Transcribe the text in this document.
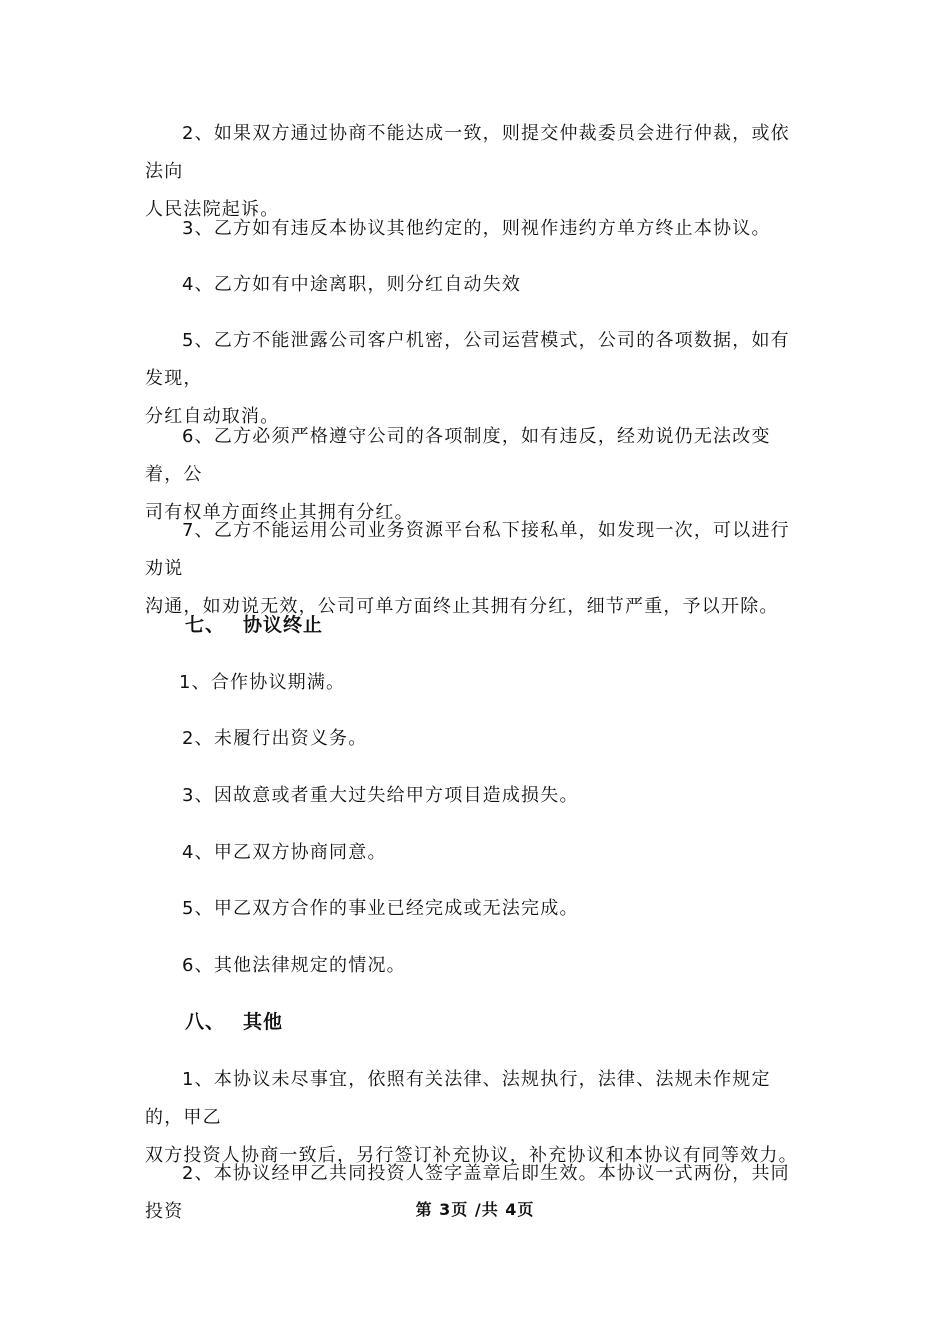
2、如果双方通过协商不能达成一致，则提交仲裁委员会进行仲裁，或依法向
人民法院起诉。
3、乙方如有违反本协议其他约定的，则视作违约方单方终止本协议。
4、乙方如有中途离职，则分红自动失效
5、乙方不能泄露公司客户机密，公司运营模式，公司的各项数据，如有发现，
分红自动取消。
6、乙方必须严格遵守公司的各项制度，如有违反，经劝说仍无法改变着，公
司有权单方面终止其拥有分红。
7、乙方不能运用公司业务资源平台私下接私单，如发现一次，可以进行劝说
沟通，如劝说无效，公司可单方面终止其拥有分红，细节严重，予以开除。
七、 协议终止
1、合作协议期满。
2、未履行出资义务。
3、因故意或者重大过失给甲方项目造成损失。
4、甲乙双方协商同意。
5、甲乙双方合作的事业已经完成或无法完成。
6、其他法律规定的情况。
八、 其他
1、本协议未尽事宜，依照有关法律、法规执行，法律、法规未作规定的，甲乙
双方投资人协商一致后，另行签订补充协议，补充协议和本协议有同等效力。
2、本协议经甲乙共同投资人签字盖章后即生效。本协议一式两份，共同投资	第 3页 /共 4页
